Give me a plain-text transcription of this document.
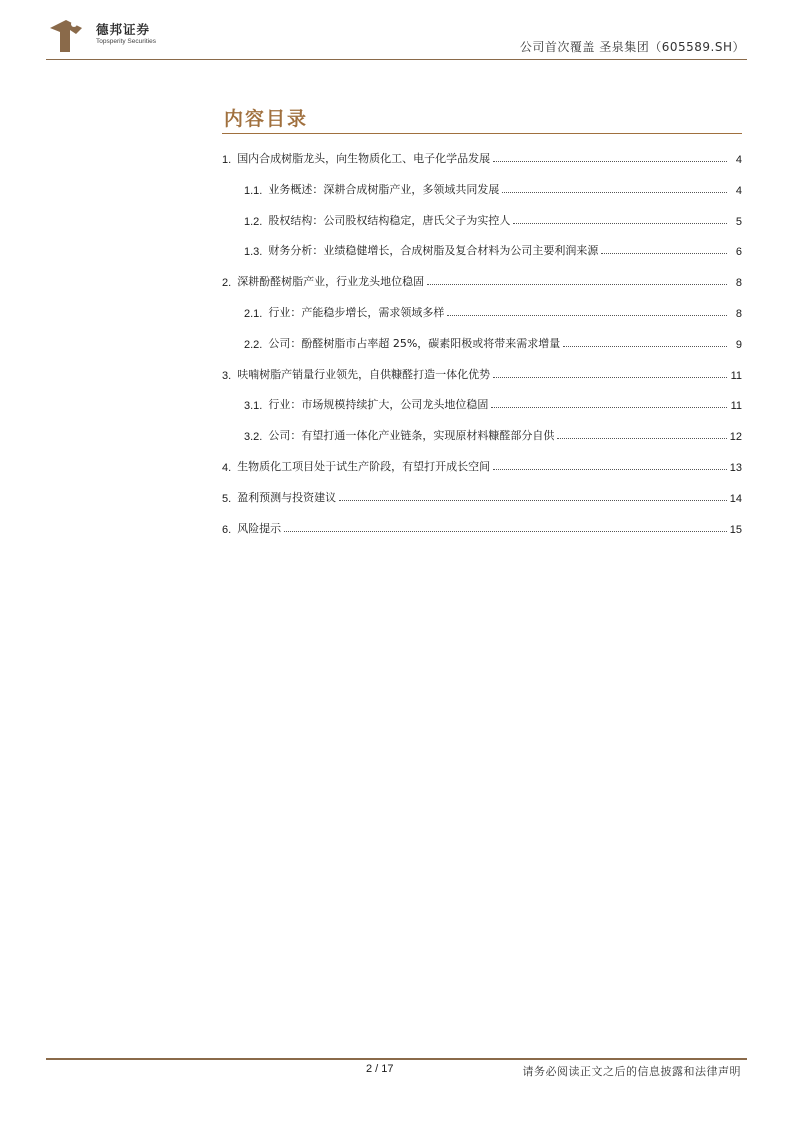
德邦证券
Topsperity Securities	公司首次覆盖 圣泉集团（605589.SH）
内容目录
1. 国内合成树脂龙头，向生物质化工、电子化学品发展	4
1.1. 业务概述：深耕合成树脂产业，多领域共同发展	4
1.2. 股权结构：公司股权结构稳定，唐氏父子为实控人	5
1.3. 财务分析：业绩稳健增长，合成树脂及复合材料为公司主要利润来源	6
2. 深耕酚醛树脂产业，行业龙头地位稳固	8
2.1. 行业：产能稳步增长，需求领域多样	8
2.2. 公司：酚醛树脂市占率超 25%，碳素阳极或将带来需求增量	9
3. 呋喃树脂产销量行业领先，自供糠醛打造一体化优势	11
3.1. 行业：市场规模持续扩大，公司龙头地位稳固	11
3.2. 公司：有望打通一体化产业链条，实现原材料糠醛部分自供	12
4. 生物质化工项目处于试生产阶段，有望打开成长空间	13
5. 盈利预测与投资建议	14
6. 风险提示	15
2 / 17	请务必阅读正文之后的信息披露和法律声明
